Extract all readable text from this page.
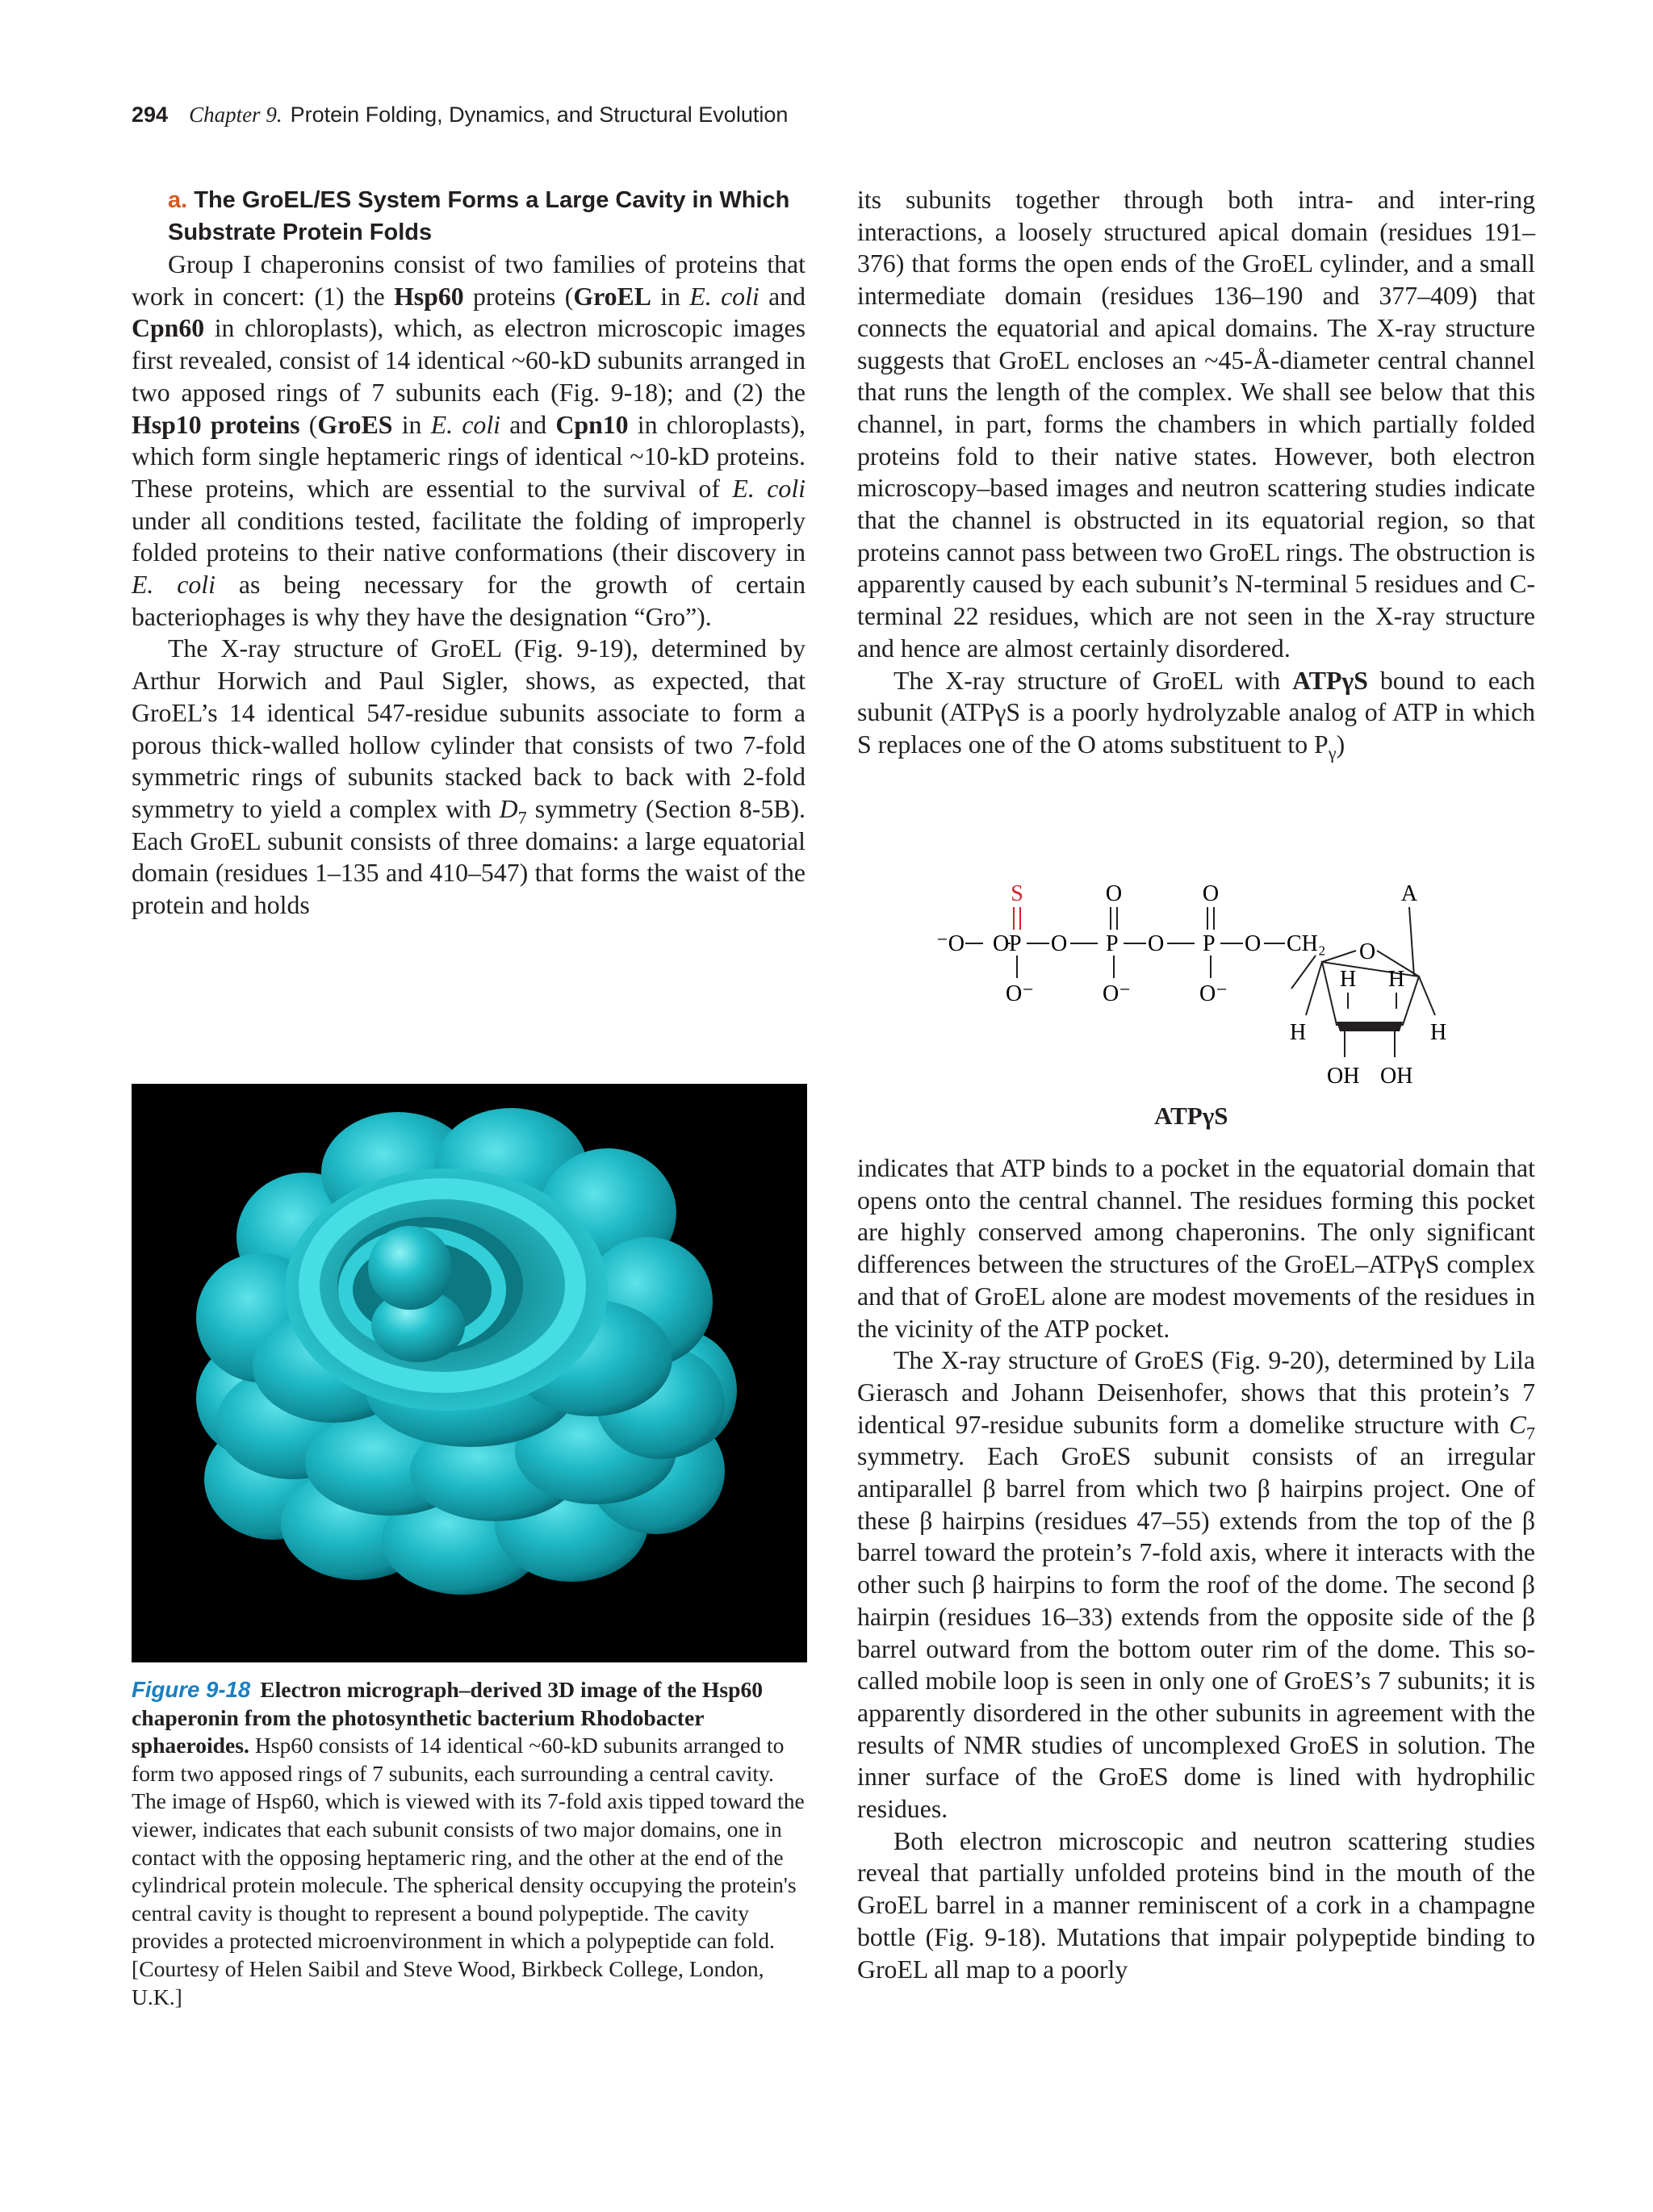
294 Chapter 9. Protein Folding, Dynamics, and Structural Evolution
a. The GroEL/ES System Forms a Large Cavity in Which Substrate Protein Folds

Group I chaperonins consist of two families of proteins that work in concert: (1) the Hsp60 proteins (GroEL in E. coli and Cpn60 in chloroplasts), which, as electron microscopic images first revealed, consist of 14 identical ~60-kD subunits arranged in two apposed rings of 7 subunits each (Fig. 9-18); and (2) the Hsp10 proteins (GroES in E. coli and Cpn10 in chloroplasts), which form single heptameric rings of identical ~10-kD proteins. These proteins, which are essential to the survival of E. coli under all conditions tested, facilitate the folding of improperly folded proteins to their native conformations (their discovery in E. coli as being necessary for the growth of certain bacteriophages is why they have the designation “Gro”).

The X-ray structure of GroEL (Fig. 9-19), determined by Arthur Horwich and Paul Sigler, shows, as expected, that GroEL’s 14 identical 547-residue subunits associate to form a porous thick-walled hollow cylinder that consists of two 7-fold symmetric rings of subunits stacked back to back with 2-fold symmetry to yield a complex with $D_7$ symmetry (Section 8-5B). Each GroEL subunit consists of three domains: a large equatorial domain (residues 1–135 and 410–547) that forms the waist of the protein and holds

Figure 9-18 Electron micrograph–derived 3D image of the Hsp60 chaperonin from the photosynthetic bacterium Rhodobacter sphaeroides. Hsp60 consists of 14 identical ~60-kD subunits arranged to form two apposed rings of 7 subunits, each surrounding a central cavity. The image of Hsp60, which is viewed with its 7-fold axis tipped toward the viewer, indicates that each subunit consists of two major domains, one in contact with the opposing heptameric ring, and the other at the end of the cylindrical protein molecule. The spherical density occupying the protein's central cavity is thought to represent a bound polypeptide. The cavity provides a protected microenvironment in which a polypeptide can fold. [Courtesy of Helen Saibil and Steve Wood, Birkbeck College, London, U.K.]

its subunits together through both intra- and inter-ring interactions, a loosely structured apical domain (residues 191–376) that forms the open ends of the GroEL cylinder, and a small intermediate domain (residues 136–190 and 377–409) that connects the equatorial and apical domains. The X-ray structure suggests that GroEL encloses an ~45-Å-diameter central channel that runs the length of the complex. We shall see below that this channel, in part, forms the chambers in which partially folded proteins fold to their native states. However, both electron microscopy–based images and neutron scattering studies indicate that the channel is obstructed in its equatorial region, so that proteins cannot pass between two GroEL rings. The obstruction is apparently caused by each subunit’s N-terminal 5 residues and C-terminal 22 residues, which are not seen in the X-ray structure and hence are almost certainly disordered.

The X-ray structure of GroEL with ATPγS bound to each subunit (ATPγS is a poorly hydrolyzable analog of ATP in which S replaces one of the O atoms substituent to $P_\gamma$)

S	O	O	A
⁻O O P O P O P O CH₂
O⁻	O⁻	O⁻
O
H	H
H H
OH OH
ATPγS

indicates that ATP binds to a pocket in the equatorial domain that opens onto the central channel. The residues forming this pocket are highly conserved among chaperonins. The only significant differences between the structures of the GroEL–ATPγS complex and that of GroEL alone are modest movements of the residues in the vicinity of the ATP pocket.

The X-ray structure of GroES (Fig. 9-20), determined by Lila Gierasch and Johann Deisenhofer, shows that this protein’s 7 identical 97-residue subunits form a domelike structure with $C_7$ symmetry. Each GroES subunit consists of an irregular antiparallel β barrel from which two β hairpins project. One of these β hairpins (residues 47–55) extends from the top of the β barrel toward the protein’s 7-fold axis, where it interacts with the other such β hairpins to form the roof of the dome. The second β hairpin (residues 16–33) extends from the opposite side of the β barrel outward from the bottom outer rim of the dome. This so-called mobile loop is seen in only one of GroES’s 7 subunits; it is apparently disordered in the other subunits in agreement with the results of NMR studies of uncomplexed GroES in solution. The inner surface of the GroES dome is lined with hydrophilic residues.

Both electron microscopic and neutron scattering studies reveal that partially unfolded proteins bind in the mouth of the GroEL barrel in a manner reminiscent of a cork in a champagne bottle (Fig. 9-18). Mutations that impair polypeptide binding to GroEL all map to a poorly
